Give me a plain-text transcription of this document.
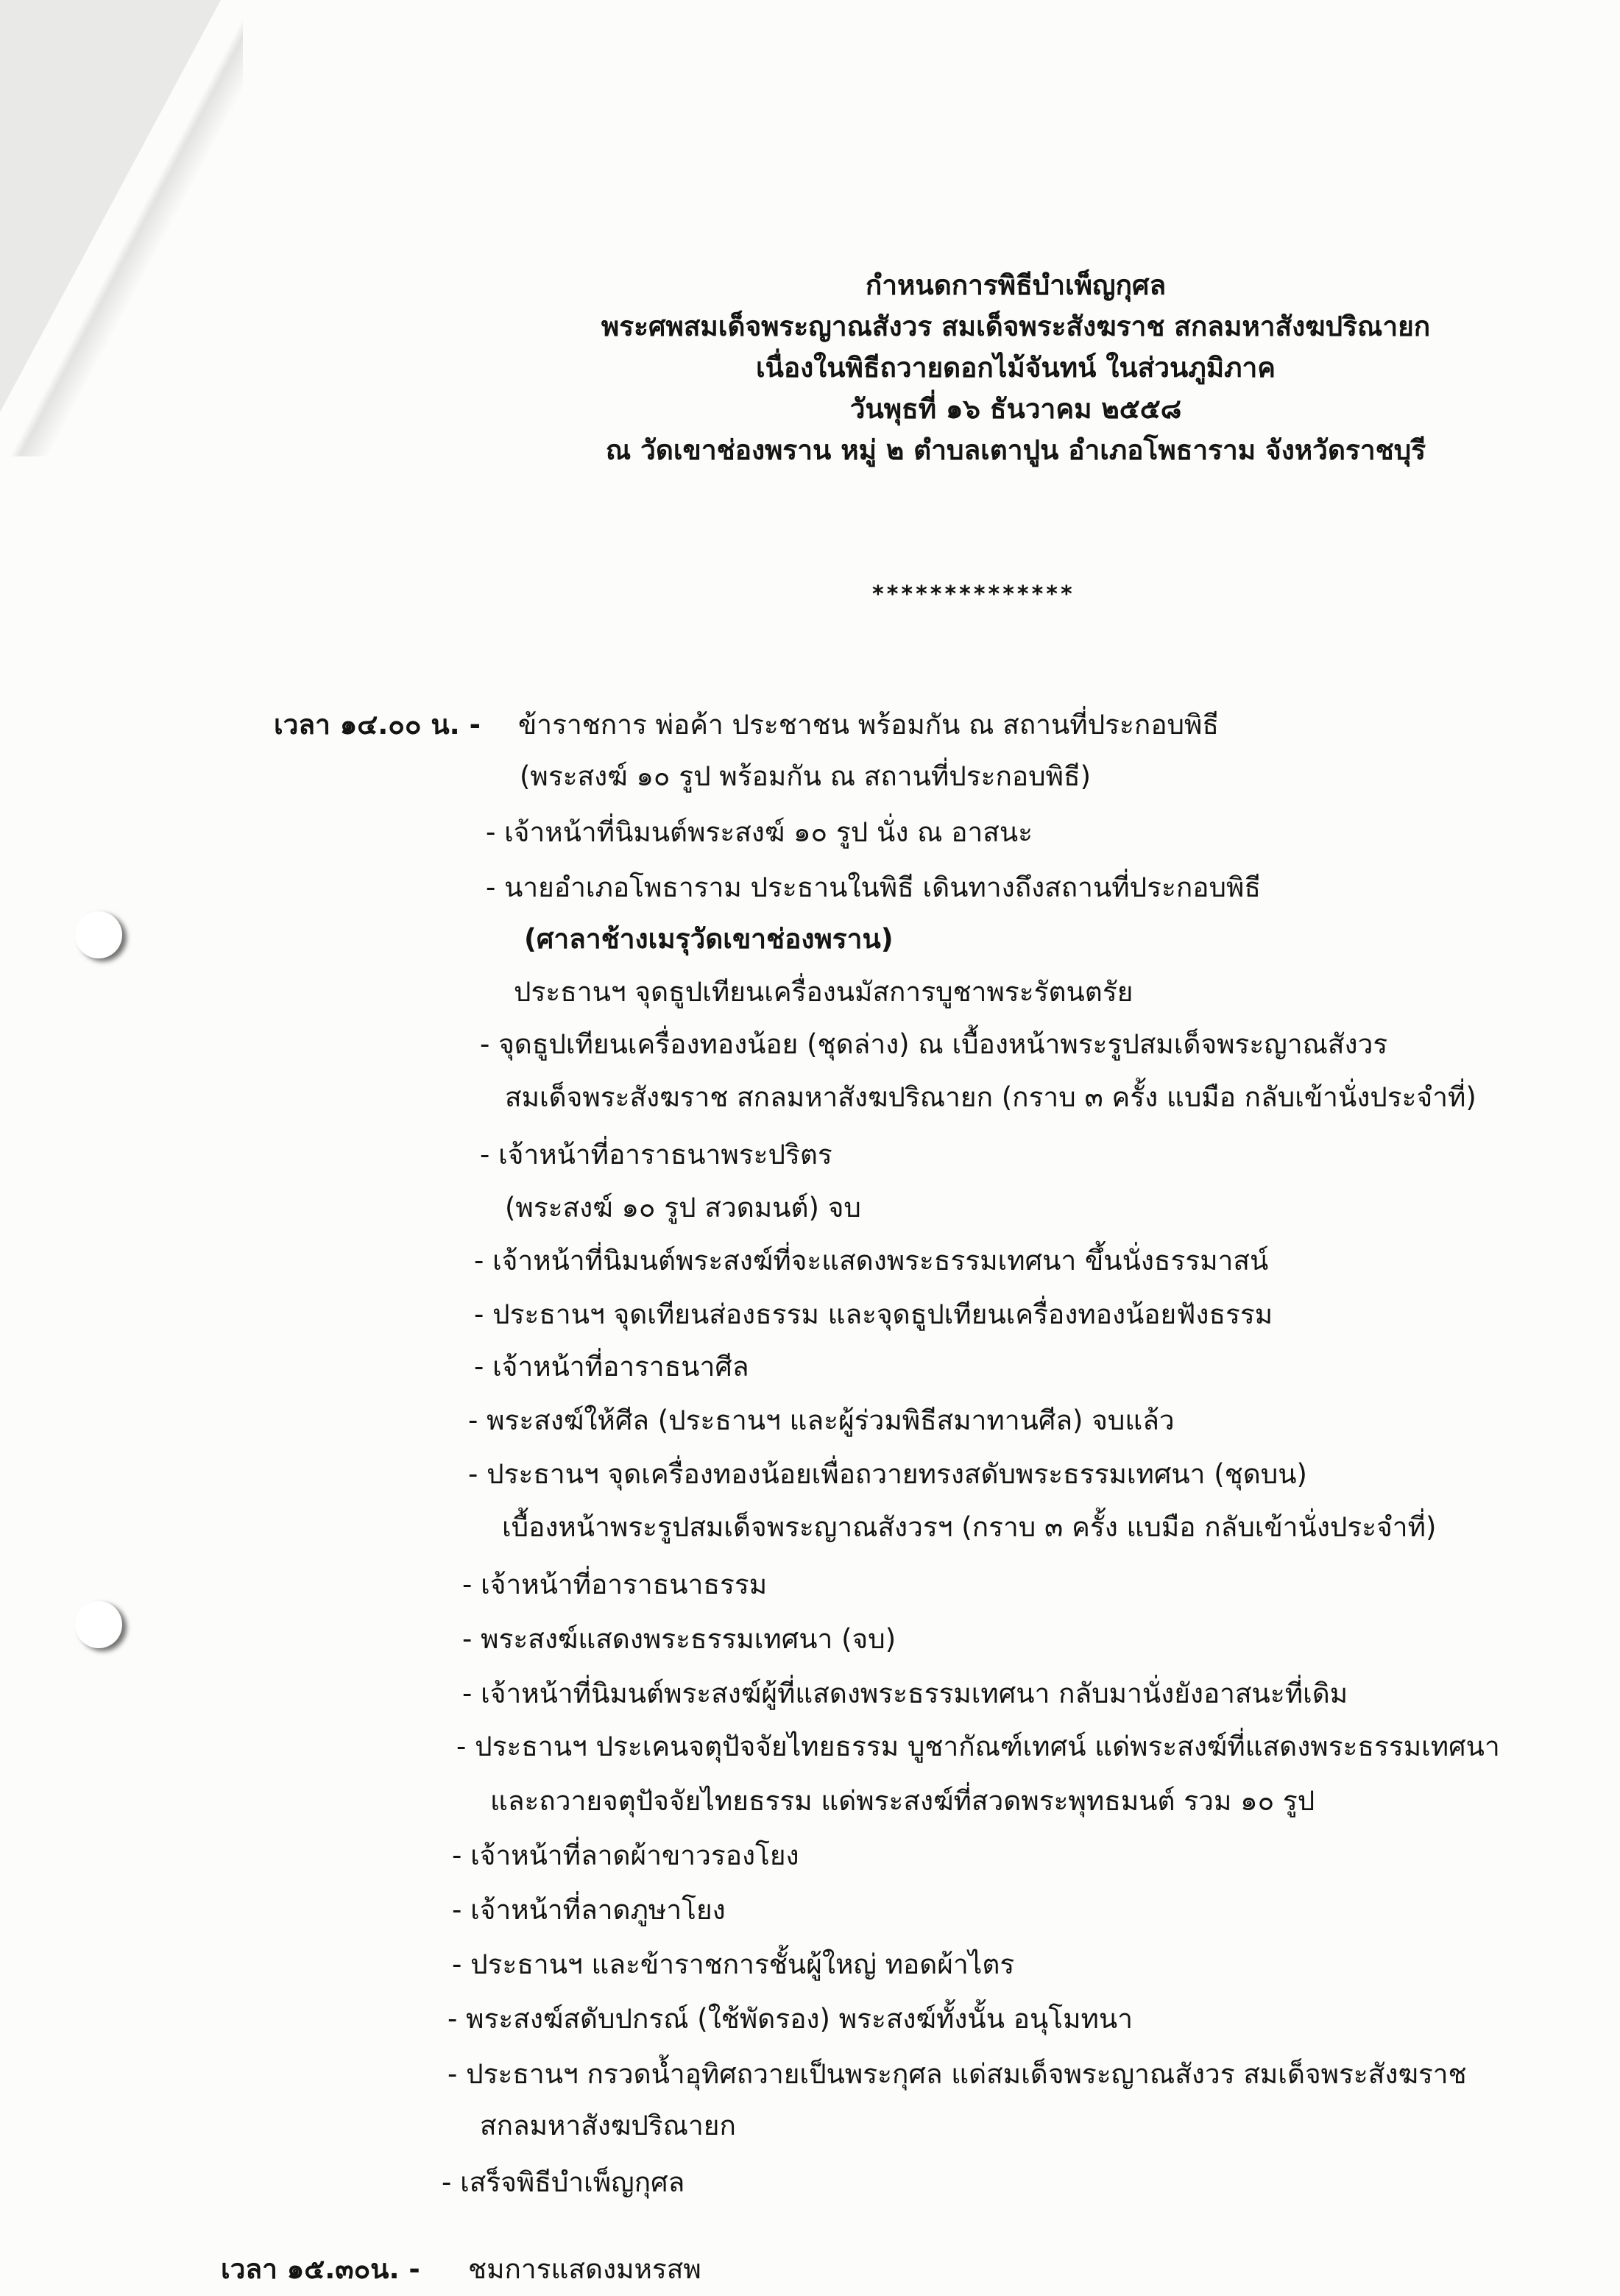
กำหนดการพิธีบำเพ็ญกุศล
พระศพสมเด็จพระญาณสังวร สมเด็จพระสังฆราช สกลมหาสังฆปริณายก
เนื่องในพิธีถวายดอกไม้จันทน์ ในส่วนภูมิภาค
วันพุธที่ ๑๖ ธันวาคม ๒๕๕๘
ณ วัดเขาช่องพราน หมู่ ๒ ตำบลเตาปูน อำเภอโพธาราม จังหวัดราชบุรี
**************
เวลา ๑๔.๐๐ น. - ข้าราชการ พ่อค้า ประชาชน พร้อมกัน ณ สถานที่ประกอบพิธี
(พระสงฆ์ ๑๐ รูป พร้อมกัน ณ สถานที่ประกอบพิธี)
- เจ้าหน้าที่นิมนต์พระสงฆ์ ๑๐ รูป นั่ง ณ อาสนะ
- นายอำเภอโพธาราม ประธานในพิธี เดินทางถึงสถานที่ประกอบพิธี
(ศาลาช้างเมรุวัดเขาช่องพราน)
ประธานฯ จุดธูปเทียนเครื่องนมัสการบูชาพระรัตนตรัย
- จุดธูปเทียนเครื่องทองน้อย (ชุดล่าง) ณ เบื้องหน้าพระรูปสมเด็จพระญาณสังวร
สมเด็จพระสังฆราช สกลมหาสังฆปริณายก (กราบ ๓ ครั้ง แบมือ กลับเข้านั่งประจำที่)
- เจ้าหน้าที่อาราธนาพระปริตร
(พระสงฆ์ ๑๐ รูป สวดมนต์) จบ
- เจ้าหน้าที่นิมนต์พระสงฆ์ที่จะแสดงพระธรรมเทศนา ขึ้นนั่งธรรมาสน์
- ประธานฯ จุดเทียนส่องธรรม และจุดธูปเทียนเครื่องทองน้อยฟังธรรม
- เจ้าหน้าที่อาราธนาศีล
- พระสงฆ์ให้ศีล (ประธานฯ และผู้ร่วมพิธีสมาทานศีล) จบแล้ว
- ประธานฯ จุดเครื่องทองน้อยเพื่อถวายทรงสดับพระธรรมเทศนา (ชุดบน)
เบื้องหน้าพระรูปสมเด็จพระญาณสังวรฯ (กราบ ๓ ครั้ง แบมือ กลับเข้านั่งประจำที่)
- เจ้าหน้าที่อาราธนาธรรม
- พระสงฆ์แสดงพระธรรมเทศนา (จบ)
- เจ้าหน้าที่นิมนต์พระสงฆ์ผู้ที่แสดงพระธรรมเทศนา กลับมานั่งยังอาสนะที่เดิม
- ประธานฯ ประเคนจตุปัจจัยไทยธรรม บูชากัณฑ์เทศน์ แด่พระสงฆ์ที่แสดงพระธรรมเทศนา
และถวายจตุปัจจัยไทยธรรม แด่พระสงฆ์ที่สวดพระพุทธมนต์ รวม ๑๐ รูป
- เจ้าหน้าที่ลาดผ้าขาวรองโยง
- เจ้าหน้าที่ลาดภูษาโยง
- ประธานฯ และข้าราชการชั้นผู้ใหญ่ ทอดผ้าไตร
- พระสงฆ์สดับปกรณ์ (ใช้พัดรอง) พระสงฆ์ทั้งนั้น อนุโมทนา
- ประธานฯ กรวดน้ำอุทิศถวายเป็นพระกุศล แด่สมเด็จพระญาณสังวร สมเด็จพระสังฆราช
สกลมหาสังฆปริณายก
- เสร็จพิธีบำเพ็ญกุศล
เวลา ๑๕.๓๐น. - ชมการแสดงมหรสพ
